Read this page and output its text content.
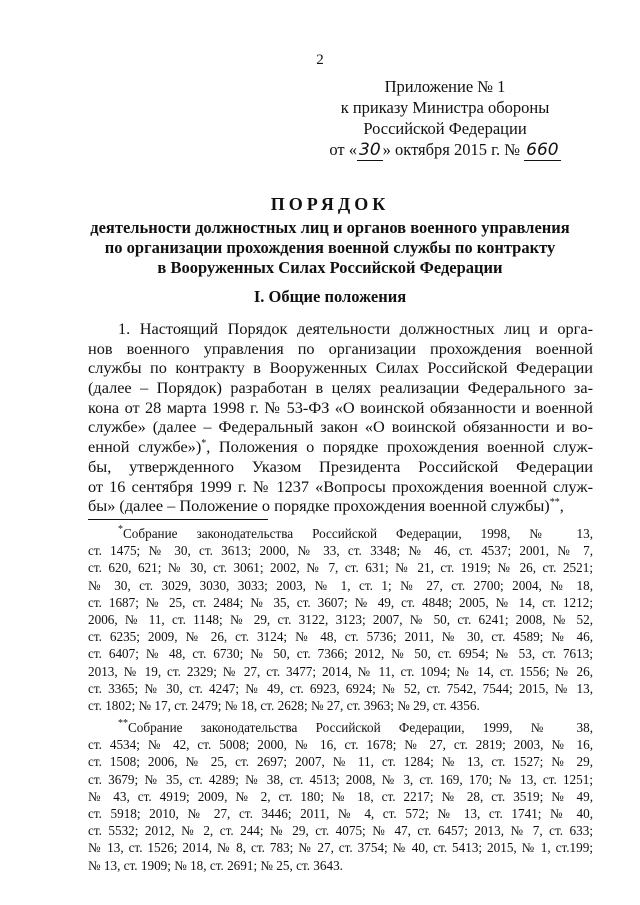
2
Приложение № 1
к приказу Министра обороны
Российской Федерации
от « 30 » октября 2015 г. № 660
ПОРЯДОК
деятельности должностных лиц и органов военного управления
по организации прохождения военной службы по контракту
в Вооруженных Силах Российской Федерации
I. Общие положения
1. Настоящий Порядок деятельности должностных лиц и орга-
нов военного управления по организации прохождения военной
службы по контракту в Вооруженных Силах Российской Федерации
(далее – Порядок) разработан в целях реализации Федерального за-
кона от 28 марта 1998 г. № 53-ФЗ «О воинской обязанности и военной
службе» (далее – Федеральный закон «О воинской обязанности и во-
енной службе»)*, Положения о порядке прохождения военной служ-
бы, утвержденного Указом Президента Российской Федерации
от 16 сентября 1999 г. № 1237 «Вопросы прохождения военной служ-
бы» (далее – Положение о порядке прохождения военной службы)**,
*Собрание законодательства Российской Федерации, 1998, № 13,
ст. 1475; № 30, ст. 3613; 2000, № 33, ст. 3348; № 46, ст. 4537; 2001, № 7,
ст. 620, 621; № 30, ст. 3061; 2002, № 7, ст. 631; № 21, ст. 1919; № 26, ст. 2521;
№ 30, ст. 3029, 3030, 3033; 2003, № 1, ст. 1; № 27, ст. 2700; 2004, № 18,
ст. 1687; № 25, ст. 2484; № 35, ст. 3607; № 49, ст. 4848; 2005, № 14, ст. 1212;
2006, № 11, ст. 1148; № 29, ст. 3122, 3123; 2007, № 50, ст. 6241; 2008, № 52,
ст. 6235; 2009, № 26, ст. 3124; № 48, ст. 5736; 2011, № 30, ст. 4589; № 46,
ст. 6407; № 48, ст. 6730; № 50, ст. 7366; 2012, № 50, ст. 6954; № 53, ст. 7613;
2013, № 19, ст. 2329; № 27, ст. 3477; 2014, № 11, ст. 1094; № 14, ст. 1556; № 26,
ст. 3365; № 30, ст. 4247; № 49, ст. 6923, 6924; № 52, ст. 7542, 7544; 2015, № 13,
ст. 1802; № 17, ст. 2479; № 18, ст. 2628; № 27, ст. 3963; № 29, ст. 4356.
**Собрание законодательства Российской Федерации, 1999, № 38,
ст. 4534; № 42, ст. 5008; 2000, № 16, ст. 1678; № 27, ст. 2819; 2003, № 16,
ст. 1508; 2006, № 25, ст. 2697; 2007, № 11, ст. 1284; № 13, ст. 1527; № 29,
ст. 3679; № 35, ст. 4289; № 38, ст. 4513; 2008, № 3, ст. 169, 170; № 13, ст. 1251;
№ 43, ст. 4919; 2009, № 2, ст. 180; № 18, ст. 2217; № 28, ст. 3519; № 49,
ст. 5918; 2010, № 27, ст. 3446; 2011, № 4, ст. 572; № 13, ст. 1741; № 40,
ст. 5532; 2012, № 2, ст. 244; № 29, ст. 4075; № 47, ст. 6457; 2013, № 7, ст. 633;
№ 13, ст. 1526; 2014, № 8, ст. 783; № 27, ст. 3754; № 40, ст. 5413; 2015, № 1, ст.199;
№ 13, ст. 1909; № 18, ст. 2691; № 25, ст. 3643.
